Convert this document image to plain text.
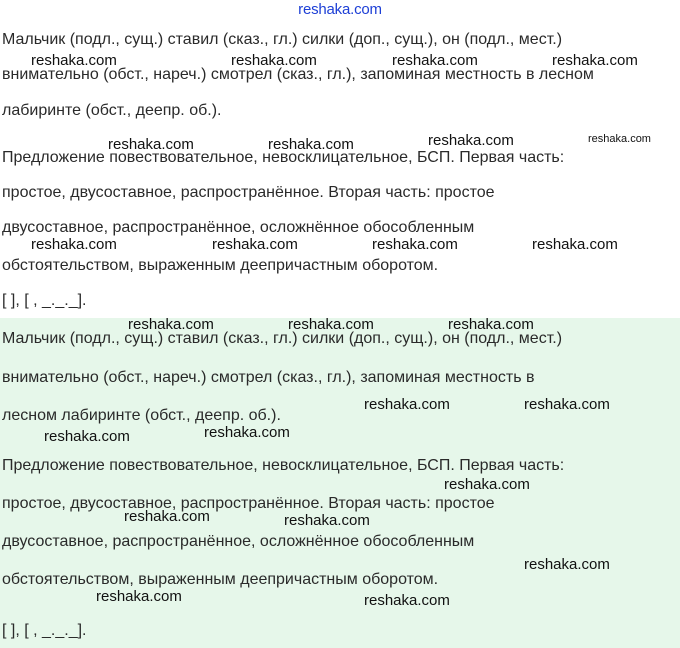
reshaka.com
Мальчик (подл., сущ.) ставил (сказ., гл.) силки (доп., сущ.), он (подл., мест.)
внимательно (обст., нареч.) смотрел (сказ., гл.), запоминая местность в лесном
лабиринте (обст., деепр. об.).
Предложение повествовательное, невосклицательное, БСП. Первая часть:
простое, двусоставное, распространённое. Вторая часть: простое
двусоставное, распространённое, осложнённое обособленным
обстоятельством, выраженным деепричастным оборотом.
[ ], [ , _._._].
Мальчик (подл., сущ.) ставил (сказ., гл.) силки (доп., сущ.), он (подл., мест.)
внимательно (обст., нареч.) смотрел (сказ., гл.), запоминая местность в
лесном лабиринте (обст., деепр. об.).
Предложение повествовательное, невосклицательное, БСП. Первая часть:
простое, двусоставное, распространённое. Вторая часть: простое
двусоставное, распространённое, осложнённое обособленным
обстоятельством, выраженным деепричастным оборотом.
[ ], [ , _._._].
reshaka.com	reshaka.com	reshaka.com	reshaka.com
reshaka.com	reshaka.com	reshaka.com	reshaka.com
reshaka.com	reshaka.com	reshaka.com	reshaka.com
reshaka.com	reshaka.com	reshaka.com
reshaka.com	reshaka.com
reshaka.com	reshaka.com
reshaka.com
reshaka.com	reshaka.com
reshaka.com
reshaka.com	reshaka.com
